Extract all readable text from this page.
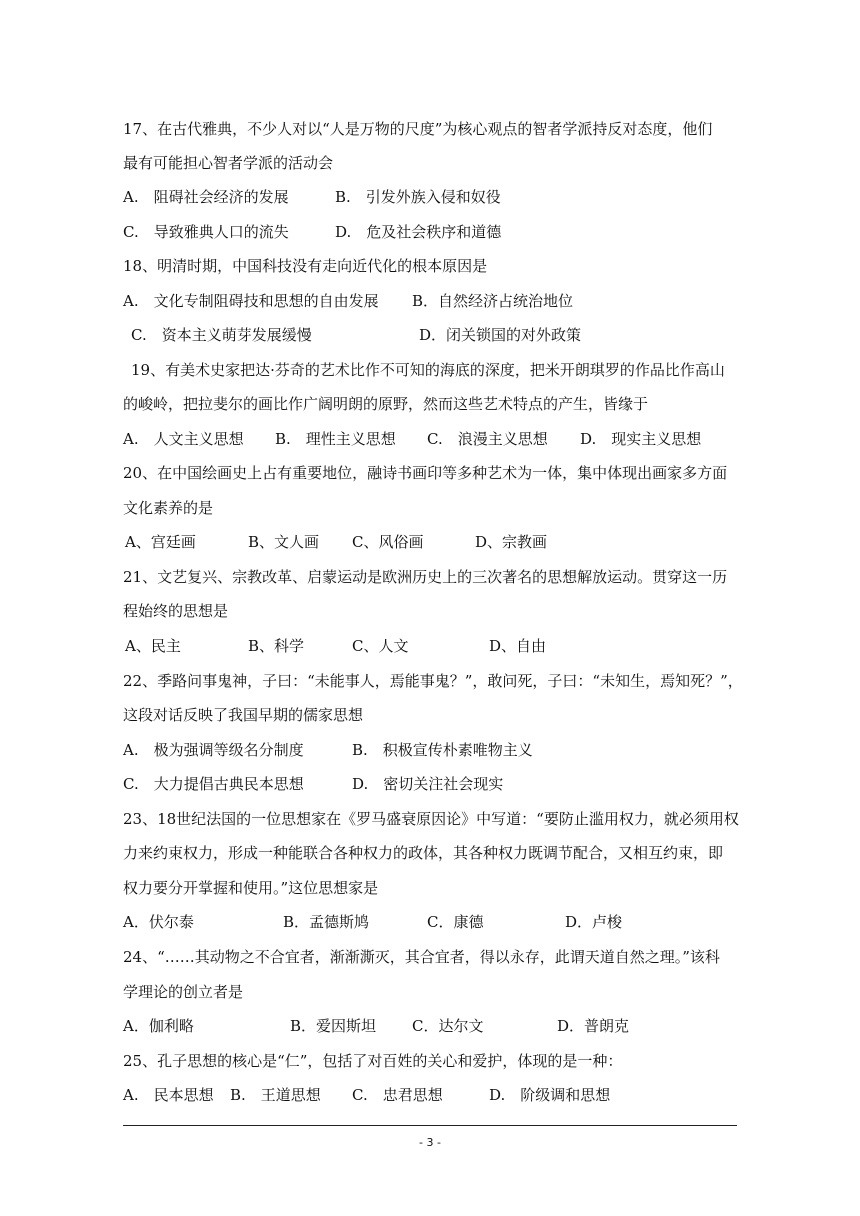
17、在古代雅典，不少人对以“人是万物的尺度”为核心观点的智者学派持反对态度，他们
最有可能担心智者学派的活动会
A.　阻碍社会经济的发展	B.　引发外族入侵和奴役
C.　导致雅典人口的流失	D.　危及社会秩序和道德
18、明清时期，中国科技没有走向近代化的根本原因是
A.　文化专制阻碍技和思想的自由发展 B．自然经济占统治地位
C.　资本主义萌芽发展缓慢	D．闭关锁国的对外政策
19、有美术史家把达·芬奇的艺术比作不可知的海底的深度，把米开朗琪罗的作品比作高山
的峻岭，把拉斐尔的画比作广阔明朗的原野，然而这些艺术特点的产生，皆缘于
A.　人文主义思想 B.　理性主义思想 C.　浪漫主义思想 D.　现实主义思想
20、在中国绘画史上占有重要地位，融诗书画印等多种艺术为一体，集中体现出画家多方面
文化素养的是
A、宫廷画	B、文人画 C、风俗画	D、宗教画
21、文艺复兴、宗教改革、启蒙运动是欧洲历史上的三次著名的思想解放运动。贯穿这一历
程始终的思想是
A、民主	B、科学	C、人文	D、自由
22、季路问事鬼神，子曰：“未能事人，焉能事鬼？”，敢问死，子曰：“未知生，焉知死？”，
这段对话反映了我国早期的儒家思想
A.　极为强调等级名分制度	B.　积极宣传朴素唯物主义
C.　大力提倡古典民本思想	D.　密切关注社会现实
23、18世纪法国的一位思想家在《罗马盛衰原因论》中写道：“要防止滥用权力，就必须用权
力来约束权力，形成一种能联合各种权力的政体，其各种权力既调节配合，又相互约束，即
权力要分开掌握和使用。”这位思想家是
A．伏尔泰	B．孟德斯鸠	C．康德	D．卢梭
24、“……其动物之不合宜者，渐渐澌灭，其合宜者，得以永存，此谓天道自然之理。”该科
学理论的创立者是
A．伽利略	B．爱因斯坦 C．达尔文	D．普朗克
25、孔子思想的核心是“仁”，包括了对百姓的关心和爱护，体现的是一种：
A.　民本思想 B.　王道思想 C.　忠君思想	D.　阶级调和思想
- 3 -
